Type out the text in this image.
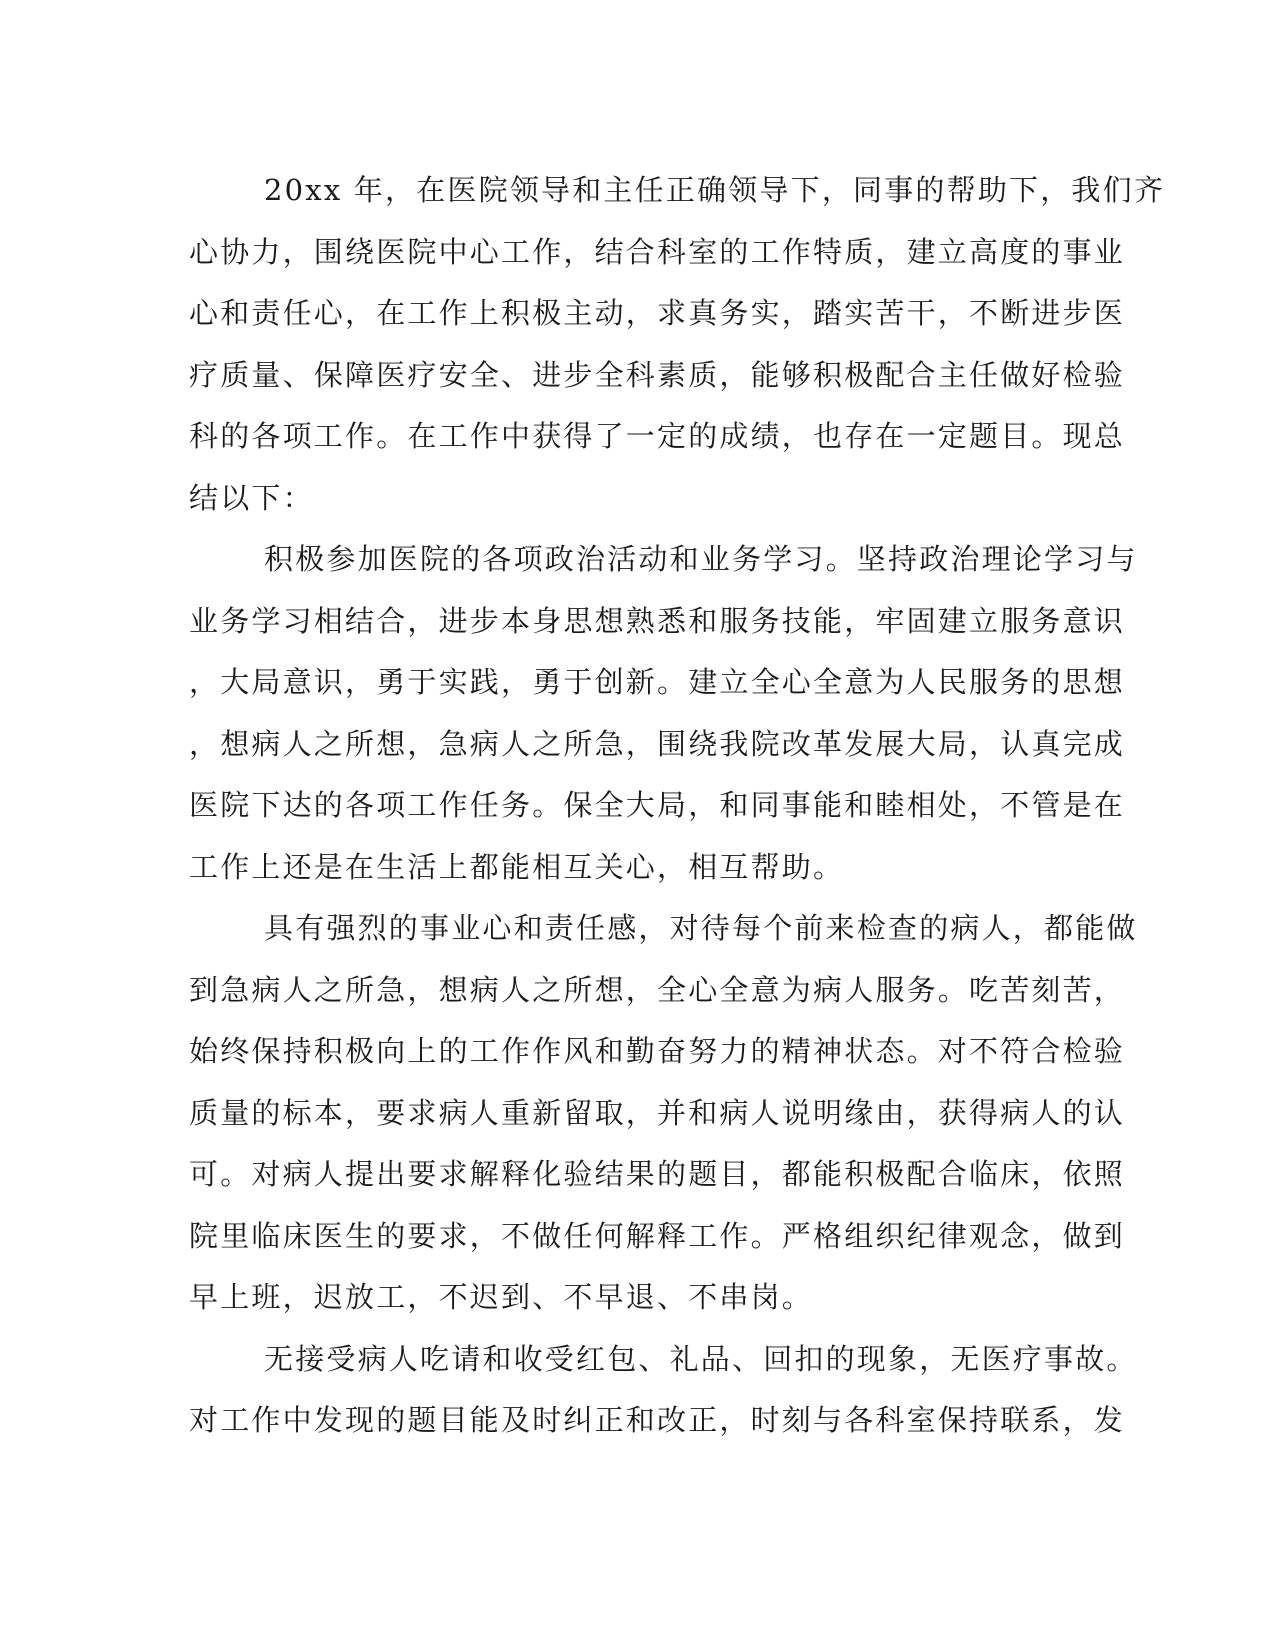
20xx 年，在医院领导和主任正确领导下，同事的帮助下，我们齐
心协力，围绕医院中心工作，结合科室的工作特质，建立高度的事业
心和责任心，在工作上积极主动，求真务实，踏实苦干，不断进步医
疗质量、保障医疗安全、进步全科素质，能够积极配合主任做好检验
科的各项工作。在工作中获得了一定的成绩，也存在一定题目。现总
结以下：
积极参加医院的各项政治活动和业务学习。坚持政治理论学习与
业务学习相结合，进步本身思想熟悉和服务技能，牢固建立服务意识
，大局意识，勇于实践，勇于创新。建立全心全意为人民服务的思想
，想病人之所想，急病人之所急，围绕我院改革发展大局，认真完成
医院下达的各项工作任务。保全大局，和同事能和睦相处，不管是在
工作上还是在生活上都能相互关心，相互帮助。
具有强烈的事业心和责任感，对待每个前来检查的病人，都能做
到急病人之所急，想病人之所想，全心全意为病人服务。吃苦刻苦，
始终保持积极向上的工作作风和勤奋努力的精神状态。对不符合检验
质量的标本，要求病人重新留取，并和病人说明缘由，获得病人的认
可。对病人提出要求解释化验结果的题目，都能积极配合临床，依照
院里临床医生的要求，不做任何解释工作。严格组织纪律观念，做到
早上班，迟放工，不迟到、不早退、不串岗。
无接受病人吃请和收受红包、礼品、回扣的现象，无医疗事故。
对工作中发现的题目能及时纠正和改正，时刻与各科室保持联系，发
